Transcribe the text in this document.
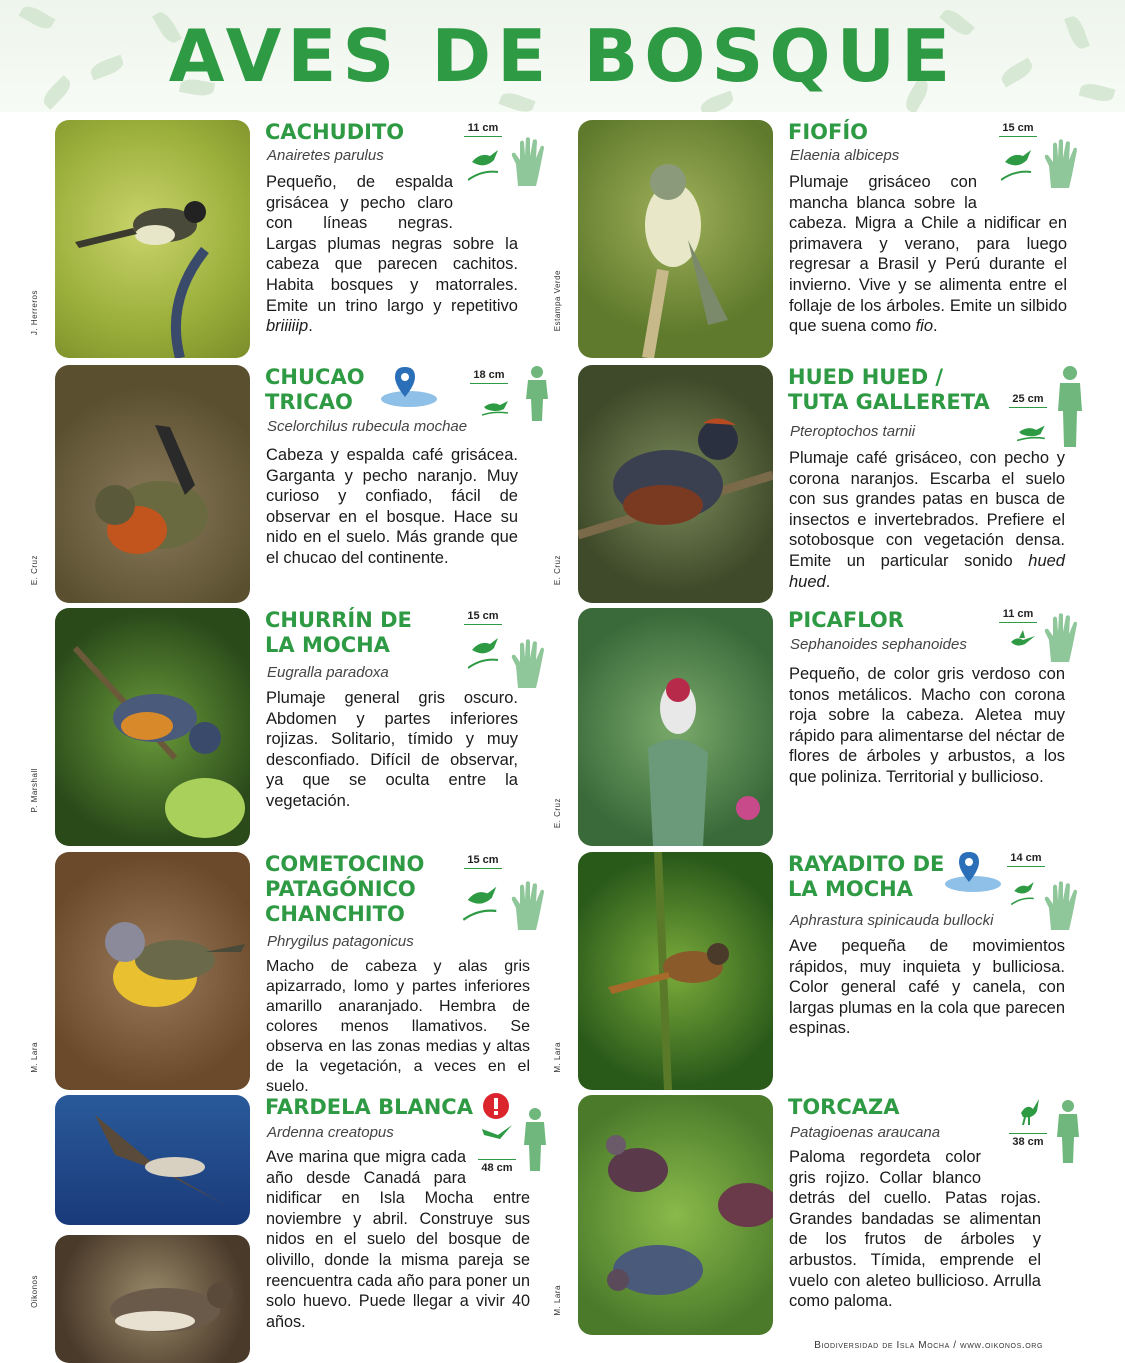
AVES DE BOSQUE
J. Herreros
CACHUDITO
Anairetes parulus
11 cm

Pequeño, de espalda grisácea y pecho claro con líneas negras. Largas plumas negras sobre la cabeza que parecen cachitos. Habita bosques y matorrales. Emite un trino largo y repetitivo briiiiip.	Estampa Verde
FIOFÍO
Elaenia albiceps
15 cm

Plumaje grisáceo con mancha blanca sobre la cabeza. Migra a Chile a nidificar en primavera y verano, para luego regresar a Brasil y Perú durante el invierno. Vive y se alimenta entre el follaje de los árboles. Emite un silbido que suena como fio.

E. Cruz
CHUCAO TRICAO
18 cm
Scelorchilus rubecula mochae

Cabeza y espalda café grisácea. Garganta y pecho naranjo. Muy curioso y confiado, fácil de observar en el bosque. Hace su nido en el suelo. Más grande que el chucao del continente.	E. Cruz
HUED HUED / TUTA GALLERETA	25 cm
Pteroptochos tarnii

Plumaje café grisáceo, con pecho y corona naranjos. Escarba el suelo con sus grandes patas en busca de insectos e invertebrados. Prefiere el sotobosque con vegetación densa. Emite un particular sonido hued hued.

P. Marshall
CHURRÍN DE LA MOCHA
15 cm
Eugralla paradoxa

Plumaje general gris oscuro. Abdomen y partes inferiores rojizas. Solitario, tímido y muy desconfiado. Difícil de observar, ya que se oculta entre la vegetación.	E. Cruz
PICAFLOR	11 cm
Sephanoides sephanoides

Pequeño, de color gris verdoso con tonos metálicos. Macho con corona roja sobre la cabeza. Aletea muy rápido para alimentarse del néctar de flores de árboles y arbustos, a los que poliniza. Territorial y bullicioso.

M. Lara
COMETOCINO PATAGÓNICO CHANCHITO
15 cm
Phrygilus patagonicus

Macho de cabeza y alas gris apizarrado, lomo y partes inferiores amarillo anaranjado. Hembra de colores menos llamativos. Se observa en las zonas medias y altas de la vegetación, a veces en el suelo.

M. Lara
RAYADITO DE LA MOCHA
14 cm
Aphrastura spinicauda bullocki

Ave pequeña de movimientos rápidos, muy inquieta y bulliciosa. Color general café y canela, con largas plumas en la cola que parecen espinas.

Oikonos
FARDELA BLANCA
48 cm
Ardenna creatopus

Ave marina que migra cada año desde Canadá para nidificar en Isla Mocha entre noviembre y abril. Construye sus nidos en el suelo del bosque de olivillo, donde la misma pareja se reencuentra cada año para poner un solo huevo. Puede llegar a vivir 40 años.

M. Lara
TORCAZA
38 cm
Patagioenas araucana

Paloma regordeta color gris rojizo. Collar blanco detrás del cuello. Patas rojas. Grandes bandadas se alimentan de los frutos de árboles y arbustos. Tímida, emprende el vuelo con aleteo bullicioso. Arrulla como paloma.

Biodiversidad de Isla Mocha / www.oikonos.org
